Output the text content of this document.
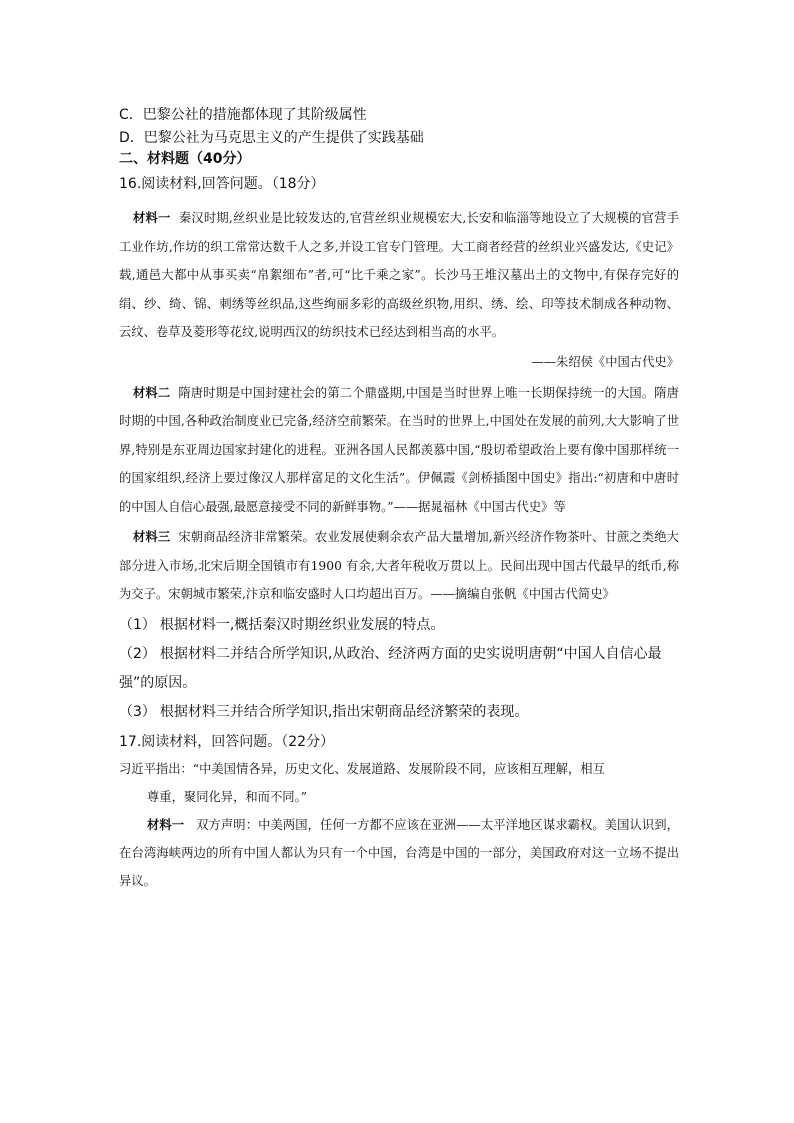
C．巴黎公社的措施都体现了其阶级属性
D．巴黎公社为马克思主义的产生提供了实践基础
二、材料题（40分）
16.阅读材料,回答问题。（18分）

材料一 秦汉时期,丝织业是比较发达的,官营丝织业规模宏大,长安和临淄等地设立了大规模的官营手工业作坊,作坊的织工常常达数千人之多,并设工官专门管理。大工商者经营的丝织业兴盛发达,《史记》载,通邑大都中从事买卖“帛絮细布”者,可“比千乘之家”。长沙马王堆汉墓出土的文物中,有保存完好的绢、纱、绮、锦、刺绣等丝织品,这些绚丽多彩的高级丝织物,用织、绣、绘、印等技术制成各种动物、云纹、卷草及菱形等花纹,说明西汉的纺织技术已经达到相当高的水平。

——朱绍侯《中国古代史》

材料二 隋唐时期是中国封建社会的第二个鼎盛期,中国是当时世界上唯一长期保持统一的大国。隋唐时期的中国,各种政治制度业已完备,经济空前繁荣。在当时的世界上,中国处在发展的前列,大大影响了世界,特别是东亚周边国家封建化的进程。亚洲各国人民都羡慕中国,“殷切希望政治上要有像中国那样统一的国家组织,经济上要过像汉人那样富足的文化生活”。伊佩霞《剑桥插图中国史》指出:“初唐和中唐时的中国人自信心最强,最愿意接受不同的新鲜事物。”——据晁福林《中国古代史》等

材料三 宋朝商品经济非常繁荣。农业发展使剩余农产品大量增加,新兴经济作物茶叶、甘蔗之类绝大部分进入市场,北宋后期全国镇市有1900 有余,大者年税收万贯以上。民间出现中国古代最早的纸币,称为交子。宋朝城市繁荣,汴京和临安盛时人口均超出百万。——摘编自张帆《中国古代简史》

（1） 根据材料一,概括秦汉时期丝织业发展的特点。
（2） 根据材料二并结合所学知识,从政治、经济两方面的史实说明唐朝“中国人自信心最强”的原因。
（3） 根据材料三并结合所学知识,指出宋朝商品经济繁荣的表现。
17.阅读材料，回答问题。（22分）
习近平指出：“中美国情各异，历史文化、发展道路、发展阶段不同，应该相互理解，相互
尊重，聚同化异，和而不同。”

材料一 双方声明：中美两国，任何一方都不应该在亚洲——太平洋地区谋求霸权。美国认识到，在台湾海峡两边的所有中国人都认为只有一个中国，台湾是中国的一部分，美国政府对这一立场不提出异议。
